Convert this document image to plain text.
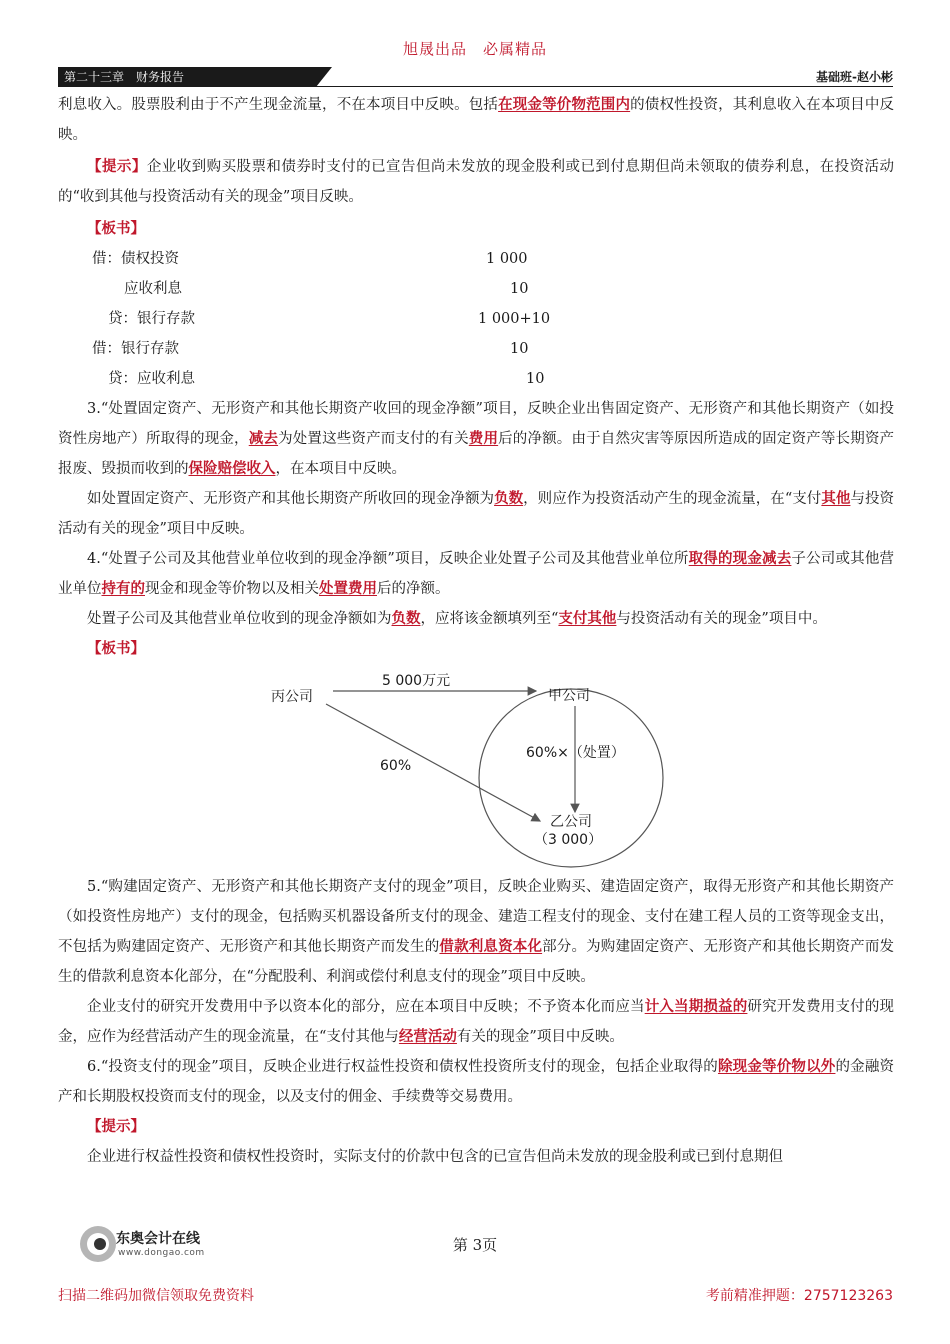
旭晟出品　必属精品
第二十三章　财务报告	基础班-赵小彬

利息收入。股票股利由于不产生现金流量，不在本项目中反映。包括在现金等价物范围内的债权性投资，其利息收入在本项目中反映。

【提示】企业收到购买股票和债券时支付的已宣告但尚未发放的现金股利或已到付息期但尚未领取的债券利息，在投资活动的“收到其他与投资活动有关的现金”项目反映。

【板书】

借：债权投资	1 000
应收利息	10
贷：银行存款	1 000+10
借：银行存款	10
贷：应收利息	10

3.“处置固定资产、无形资产和其他长期资产收回的现金净额”项目，反映企业出售固定资产、无形资产和其他长期资产（如投资性房地产）所取得的现金，减去为处置这些资产而支付的有关费用后的净额。由于自然灾害等原因所造成的固定资产等长期资产报废、毁损而收到的保险赔偿收入，在本项目中反映。

如处置固定资产、无形资产和其他长期资产所收回的现金净额为负数，则应作为投资活动产生的现金流量，在“支付其他与投资活动有关的现金”项目中反映。

4.“处置子公司及其他营业单位收到的现金净额”项目，反映企业处置子公司及其他营业单位所取得的现金减去子公司或其他营业单位持有的现金和现金等价物以及相关处置费用后的净额。

处置子公司及其他营业单位收到的现金净额如为负数，应将该金额填列至“支付其他与投资活动有关的现金”项目中。

【板书】

丙公司	甲公司
乙公司
（3 000）
5 000万元
60%
60%×（处置）

5.“购建固定资产、无形资产和其他长期资产支付的现金”项目，反映企业购买、建造固定资产，取得无形资产和其他长期资产（如投资性房地产）支付的现金，包括购买机器设备所支付的现金、建造工程支付的现金、支付在建工程人员的工资等现金支出，不包括为购建固定资产、无形资产和其他长期资产而发生的借款利息资本化部分。为购建固定资产、无形资产和其他长期资产而发生的借款利息资本化部分，在“分配股利、利润或偿付利息支付的现金”项目中反映。

企业支付的研究开发费用中予以资本化的部分，应在本项目中反映；不予资本化而应当计入当期损益的研究开发费用支付的现金，应作为经营活动产生的现金流量，在“支付其他与经营活动有关的现金”项目中反映。

6.“投资支付的现金”项目，反映企业进行权益性投资和债权性投资所支付的现金，包括企业取得的除现金等价物以外的金融资产和长期股权投资而支付的现金，以及支付的佣金、手续费等交易费用。

【提示】

企业进行权益性投资和债权性投资时，实际支付的价款中包含的已宣告但尚未发放的现金股利或已到付息期但

东奥会计在线
www.dongao.com	第 3页
扫描二维码加微信领取免费资料	考前精准押题：2757123263
